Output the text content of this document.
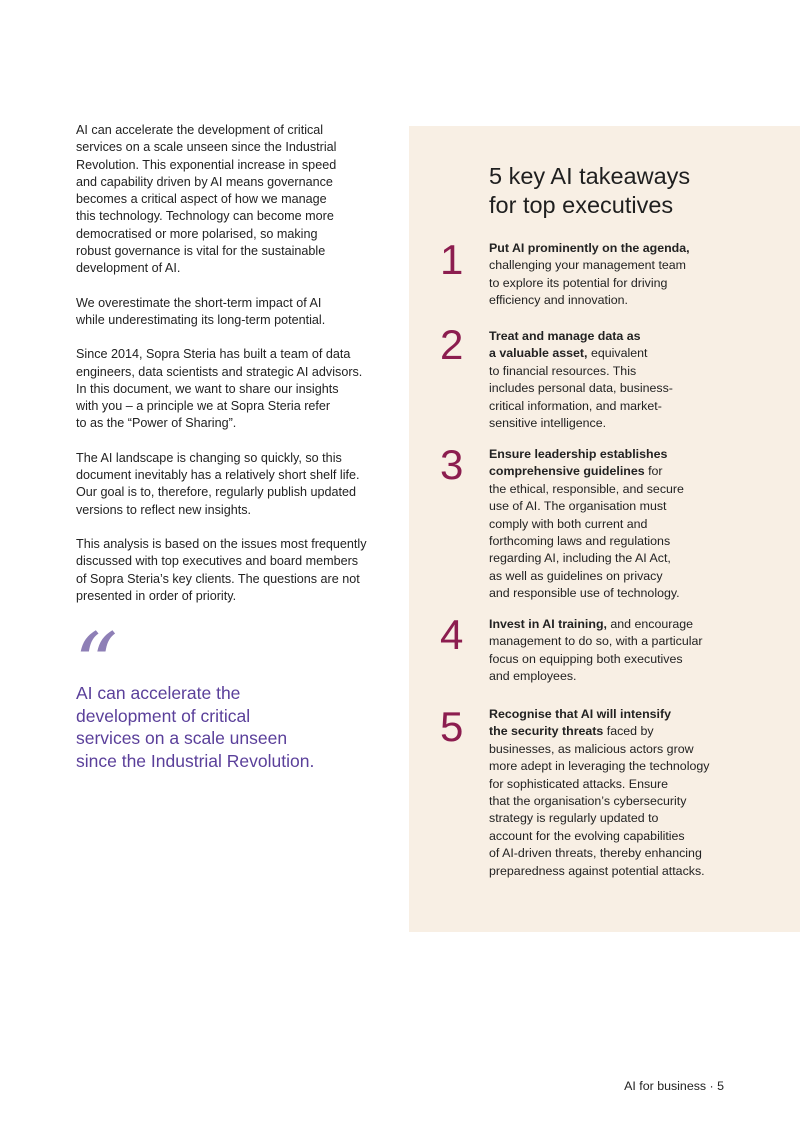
AI can accelerate the development of critical
services on a scale unseen since the Industrial
Revolution. This exponential increase in speed
and capability driven by AI means governance
becomes a critical aspect of how we manage
this technology. Technology can become more
democratised or more polarised, so making
robust governance is vital for the sustainable
development of AI.

We overestimate the short-term impact of AI
while underestimating its long-term potential.

Since 2014, Sopra Steria has built a team of data
engineers, data scientists and strategic AI advisors.
In this document, we want to share our insights
with you – a principle we at Sopra Steria refer
to as the “Power of Sharing”.

The AI landscape is changing so quickly, so this
document inevitably has a relatively short shelf life.
Our goal is to, therefore, regularly publish updated
versions to reflect new insights.

This analysis is based on the issues most frequently
discussed with top executives and board members
of Sopra Steria’s key clients. The questions are not
presented in order of priority.

“
AI can accelerate the
development of critical
services on a scale unseen
since the Industrial Revolution.
5 key AI takeaways
for top executives
1	Put AI prominently on the agenda,
challenging your management team
to explore its potential for driving
efficiency and innovation.
2	Treat and manage data as
a valuable asset, equivalent
to financial resources. This
includes personal data, business-
critical information, and market-
sensitive intelligence.
3	Ensure leadership establishes
comprehensive guidelines for
the ethical, responsible, and secure
use of AI. The organisation must
comply with both current and
forthcoming laws and regulations
regarding AI, including the AI Act,
as well as guidelines on privacy
and responsible use of technology.
4	Invest in AI training, and encourage
management to do so, with a particular
focus on equipping both executives
and employees.
5	Recognise that AI will intensify
the security threats faced by
businesses, as malicious actors grow
more adept in leveraging the technology
for sophisticated attacks. Ensure
that the organisation’s cybersecurity
strategy is regularly updated to
account for the evolving capabilities
of AI-driven threats, thereby enhancing
preparedness against potential attacks.
AI for business · 5
